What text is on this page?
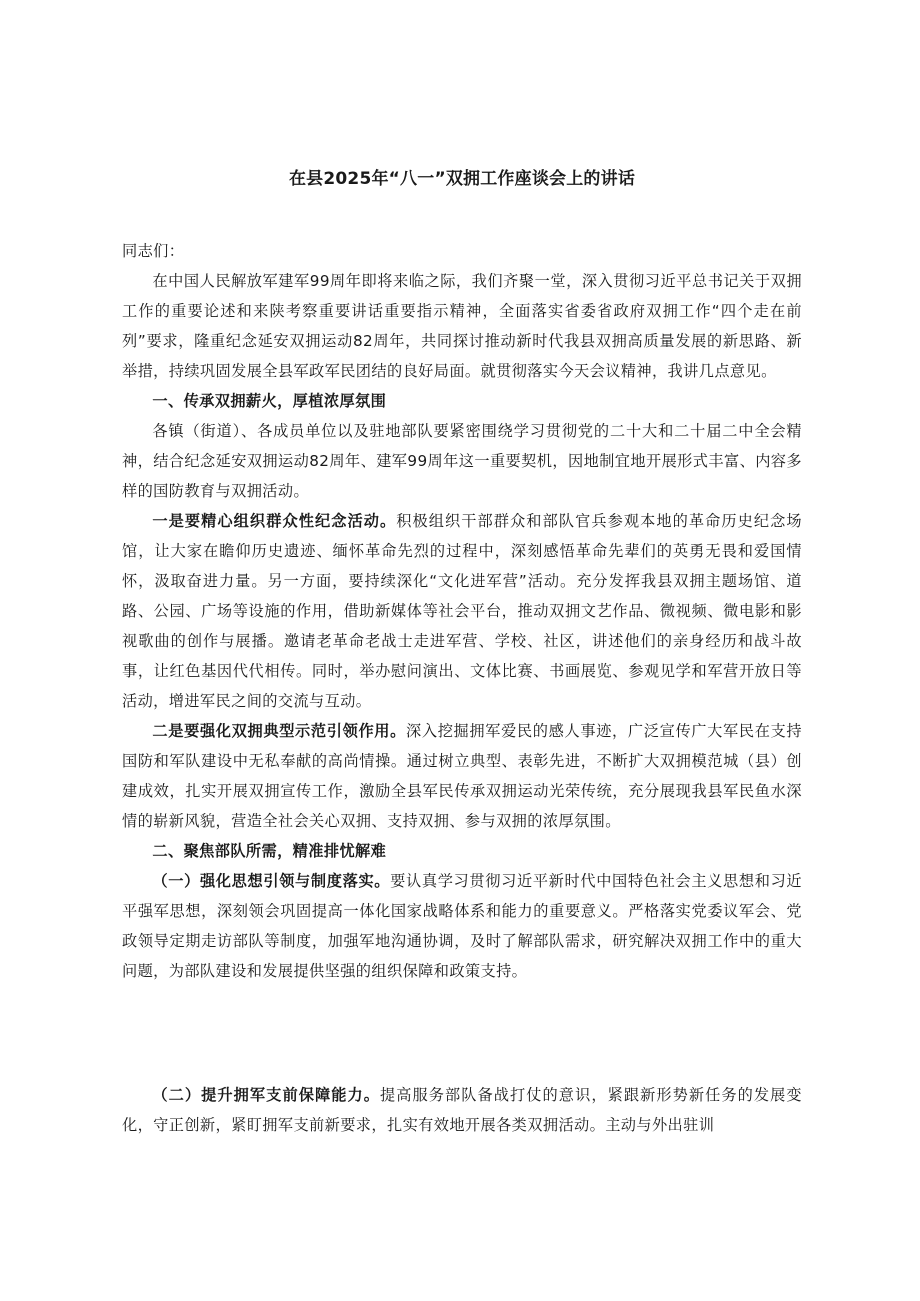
在县2025年“八一”双拥工作座谈会上的讲话

同志们：

在中国人民解放军建军99周年即将来临之际，我们齐聚一堂，深入贯彻习近平总书记关于双拥工作的重要论述和来陕考察重要讲话重要指示精神，全面落实省委省政府双拥工作“四个走在前列”要求，隆重纪念延安双拥运动82周年，共同探讨推动新时代我县双拥高质量发展的新思路、新举措，持续巩固发展全县军政军民团结的良好局面。就贯彻落实今天会议精神，我讲几点意见。

一、传承双拥薪火，厚植浓厚氛围

各镇（街道）、各成员单位以及驻地部队要紧密围绕学习贯彻党的二十大和二十届二中全会精神，结合纪念延安双拥运动82周年、建军99周年这一重要契机，因地制宜地开展形式丰富、内容多样的国防教育与双拥活动。

一是要精心组织群众性纪念活动。积极组织干部群众和部队官兵参观本地的革命历史纪念场馆，让大家在瞻仰历史遗迹、缅怀革命先烈的过程中，深刻感悟革命先辈们的英勇无畏和爱国情怀，汲取奋进力量。另一方面，要持续深化“文化进军营”活动。充分发挥我县双拥主题场馆、道路、公园、广场等设施的作用，借助新媒体等社会平台，推动双拥文艺作品、微视频、微电影和影视歌曲的创作与展播。邀请老革命老战士走进军营、学校、社区，讲述他们的亲身经历和战斗故事，让红色基因代代相传。同时，举办慰问演出、文体比赛、书画展览、参观见学和军营开放日等活动，增进军民之间的交流与互动。

二是要强化双拥典型示范引领作用。深入挖掘拥军爱民的感人事迹，广泛宣传广大军民在支持国防和军队建设中无私奉献的高尚情操。通过树立典型、表彰先进，不断扩大双拥模范城（县）创建成效，扎实开展双拥宣传工作，激励全县军民传承双拥运动光荣传统，充分展现我县军民鱼水深情的崭新风貌，营造全社会关心双拥、支持双拥、参与双拥的浓厚氛围。

二、聚焦部队所需，精准排忧解难

（一）强化思想引领与制度落实。要认真学习贯彻习近平新时代中国特色社会主义思想和习近平强军思想，深刻领会巩固提高一体化国家战略体系和能力的重要意义。严格落实党委议军会、党政领导定期走访部队等制度，加强军地沟通协调，及时了解部队需求，研究解决双拥工作中的重大问题，为部队建设和发展提供坚强的组织保障和政策支持。

（二）提升拥军支前保障能力。提高服务部队备战打仗的意识，紧跟新形势新任务的发展变化，守正创新，紧盯拥军支前新要求，扎实有效地开展各类双拥活动。主动与外出驻训
